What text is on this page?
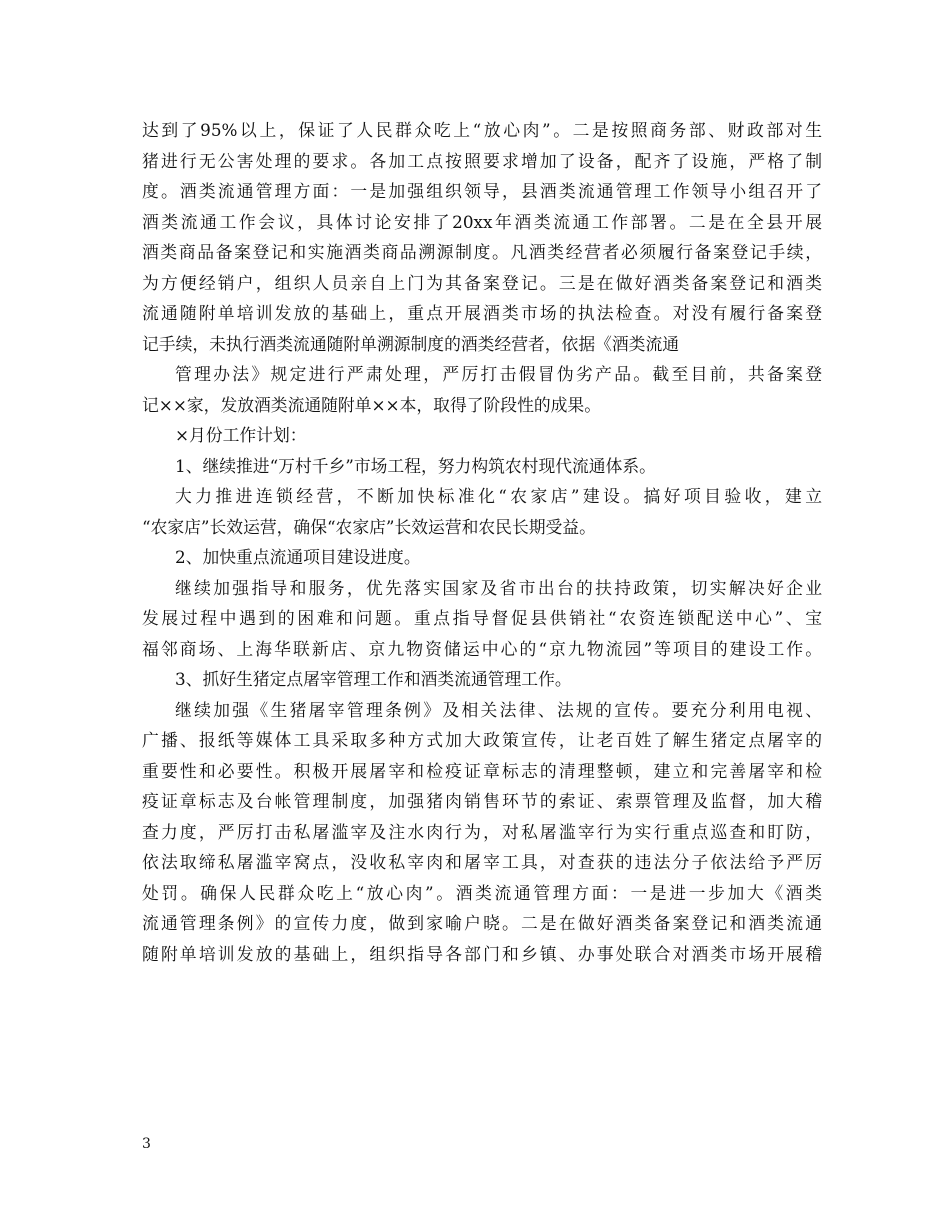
达到了95%以上，保证了人民群众吃上“放心肉”。二是按照商务部、财政部对生
猪进行无公害处理的要求。各加工点按照要求增加了设备，配齐了设施，严格了制
度。酒类流通管理方面：一是加强组织领导，县酒类流通管理工作领导小组召开了
酒类流通工作会议，具体讨论安排了20xx年酒类流通工作部署。二是在全县开展
酒类商品备案登记和实施酒类商品溯源制度。凡酒类经营者必须履行备案登记手续，
为方便经销户，组织人员亲自上门为其备案登记。三是在做好酒类备案登记和酒类
流通随附单培训发放的基础上，重点开展酒类市场的执法检查。对没有履行备案登
记手续，未执行酒类流通随附单溯源制度的酒类经营者，依据《酒类流通
管理办法》规定进行严肃处理，严厉打击假冒伪劣产品。截至目前，共备案登
记××家，发放酒类流通随附单××本，取得了阶段性的成果。
×月份工作计划：
1、继续推进“万村千乡”市场工程，努力构筑农村现代流通体系。
大力推进连锁经营，不断加快标准化“农家店”建设。搞好项目验收，建立
“农家店”长效运营，确保“农家店”长效运营和农民长期受益。
2、加快重点流通项目建设进度。
继续加强指导和服务，优先落实国家及省市出台的扶持政策，切实解决好企业
发展过程中遇到的困难和问题。重点指导督促县供销社“农资连锁配送中心”、宝
福邻商场、上海华联新店、京九物资储运中心的“京九物流园”等项目的建设工作。
3、抓好生猪定点屠宰管理工作和酒类流通管理工作。
继续加强《生猪屠宰管理条例》及相关法律、法规的宣传。要充分利用电视、
广播、报纸等媒体工具采取多种方式加大政策宣传，让老百姓了解生猪定点屠宰的
重要性和必要性。积极开展屠宰和检疫证章标志的清理整顿，建立和完善屠宰和检
疫证章标志及台帐管理制度，加强猪肉销售环节的索证、索票管理及监督，加大稽
查力度，严厉打击私屠滥宰及注水肉行为，对私屠滥宰行为实行重点巡查和盯防，
依法取缔私屠滥宰窝点，没收私宰肉和屠宰工具，对查获的违法分子依法给予严厉
处罚。确保人民群众吃上“放心肉”。酒类流通管理方面：一是进一步加大《酒类
流通管理条例》的宣传力度，做到家喻户晓。二是在做好酒类备案登记和酒类流通
随附单培训发放的基础上，组织指导各部门和乡镇、办事处联合对酒类市场开展稽
3
